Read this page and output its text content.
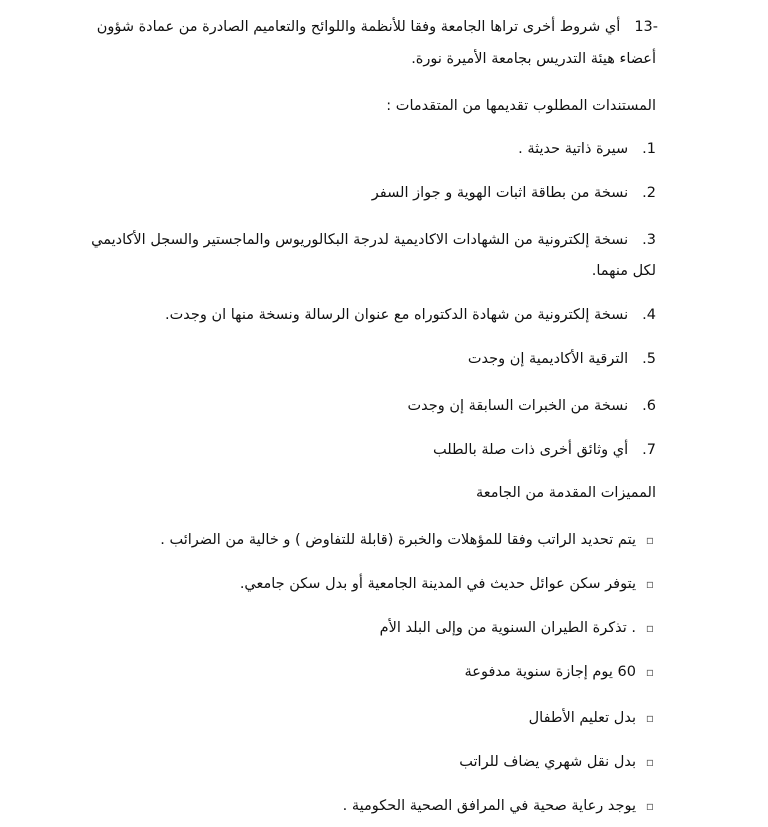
13-أي شروط أخرى تراها الجامعة وفقا للأنظمة واللوائح والتعاميم الصادرة من عمادة شؤون
أعضاء هيئة التدريس بجامعة الأميرة نورة.
المستندات المطلوب تقديمها من المتقدمات :
.1سيرة ذاتية حديثة .
.2نسخة من بطاقة اثبات الهوية و جواز السفر
.3نسخة إلكترونية من الشهادات الاكاديمية لدرجة البكالوريوس والماجستير والسجل الأكاديمي
لكل منهما.
.4نسخة إلكترونية من شهادة الدكتوراه مع عنوان الرسالة ونسخة منها ان وجدت.
.5الترقية الأكاديمية إن وجدت
.6نسخة من الخبرات السابقة إن وجدت
.7أي وثائق أخرى ذات صلة بالطلب
المميزات المقدمة من الجامعة
▫يتم تحديد الراتب وفقا للمؤهلات والخبرة (قابلة للتفاوض ) و خالية من الضرائب .
▫يتوفر سكن عوائل حديث في المدينة الجامعية أو بدل سكن جامعي.
▫. تذكرة الطيران السنوية من وإلى البلد الأم
▫60 يوم إجازة سنوية مدفوعة
▫بدل تعليم الأطفال
▫بدل نقل شهري يضاف للراتب
▫يوجد رعاية صحية في المرافق الصحية الحكومية .
